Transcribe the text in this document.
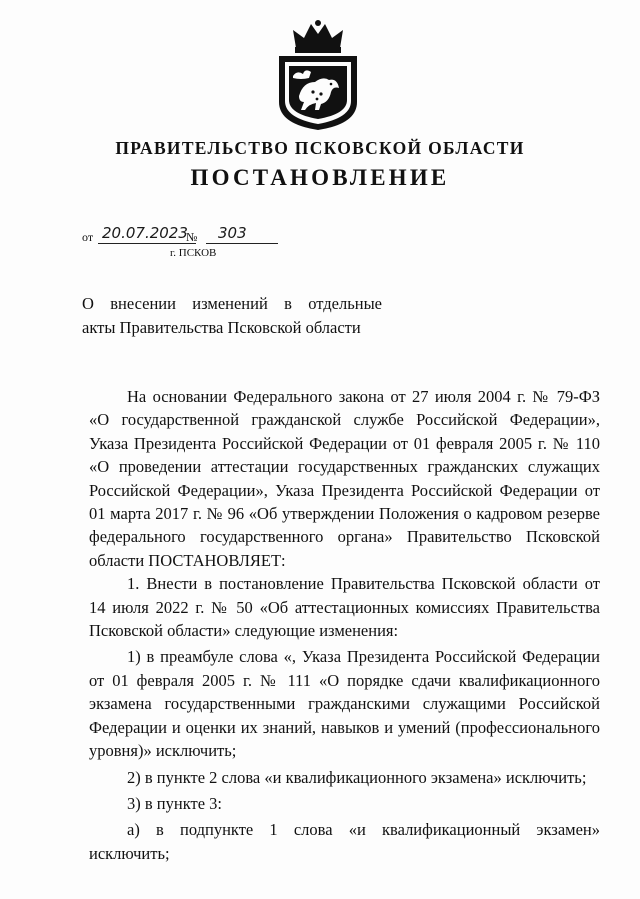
ПРАВИТЕЛЬСТВО ПСКОВСКОЙ ОБЛАСТИ
ПОСТАНОВЛЕНИЕ
от 20.07.2023
№ 303
г. ПСКОВ
О внесении изменений в отдельные
акты Правительства Псковской области

На основании Федерального закона от 27 июля 2004 г. № 79-ФЗ «О государственной гражданской службе Российской Федерации», Указа Президента Российской Федерации от 01 февраля 2005 г. № 110 «О проведении аттестации государственных гражданских служащих Российской Федерации», Указа Президента Российской Федерации от 01 марта 2017 г. № 96 «Об утверждении Положения о кадровом резерве федерального государственного органа» Правительство Псковской области ПОСТАНОВЛЯЕТ:

1. Внести в постановление Правительства Псковской области от 14 июля 2022 г. № 50 «Об аттестационных комиссиях Правительства Псковской области» следующие изменения:

1) в преамбуле слова «, Указа Президента Российской Федерации от 01 февраля 2005 г. № 111 «О порядке сдачи квалификационного экзамена государственными гражданскими служащими Российской Федерации и оценки их знаний, навыков и умений (профессионального уровня)» исключить;

2) в пункте 2 слова «и квалификационного экзамена» исключить;

3) в пункте 3:

а) в подпункте 1 слова «и квалификационный экзамен» исключить;
